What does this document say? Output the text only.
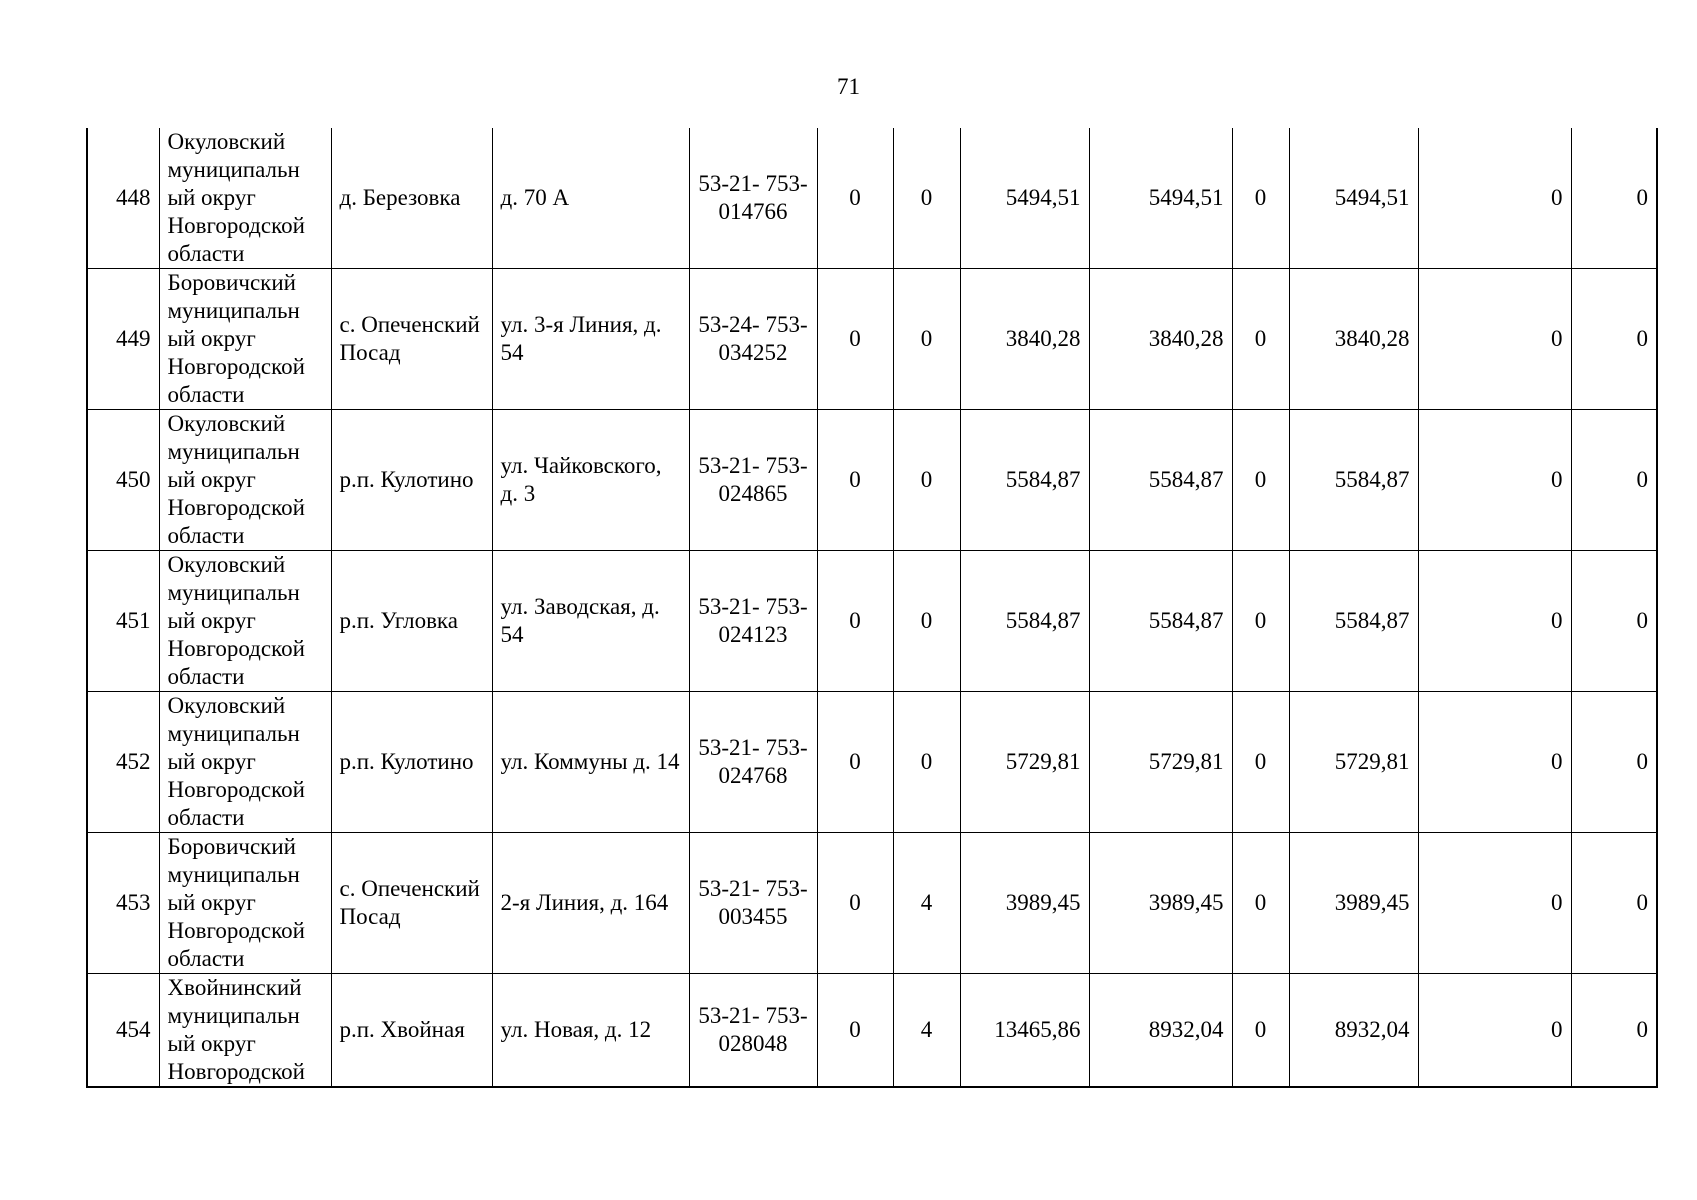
71
448	Окуловский муниципальн ый округ Новгородской области	д. Березовка	д. 70 А	53-21- 753- 014766	0	0	5494,51	5494,51	0	5494,51	0	0
449	Боровичский муниципальн ый округ Новгородской области	с. Опеченский Посад	ул. 3-я Линия, д. 54	53-24- 753- 034252	0	0	3840,28	3840,28	0	3840,28	0	0
450	Окуловский муниципальн ый округ Новгородской области	р.п. Кулотино	ул. Чайковского, д. 3	53-21- 753- 024865	0	0	5584,87	5584,87	0	5584,87	0	0
451	Окуловский муниципальн ый округ Новгородской области	р.п. Угловка	ул. Заводская, д. 54	53-21- 753- 024123	0	0	5584,87	5584,87	0	5584,87	0	0
452	Окуловский муниципальн ый округ Новгородской области	р.п. Кулотино	ул. Коммуны д. 14	53-21- 753- 024768	0	0	5729,81	5729,81	0	5729,81	0	0
453	Боровичский муниципальн ый округ Новгородской области	с. Опеченский Посад	2-я Линия, д. 164	53-21- 753- 003455	0	4	3989,45	3989,45	0	3989,45	0	0
454	Хвойнинский муниципальн ый округ Новгородской	р.п. Хвойная	ул. Новая, д. 12	53-21- 753- 028048	0	4	13465,86	8932,04	0	8932,04	0	0
